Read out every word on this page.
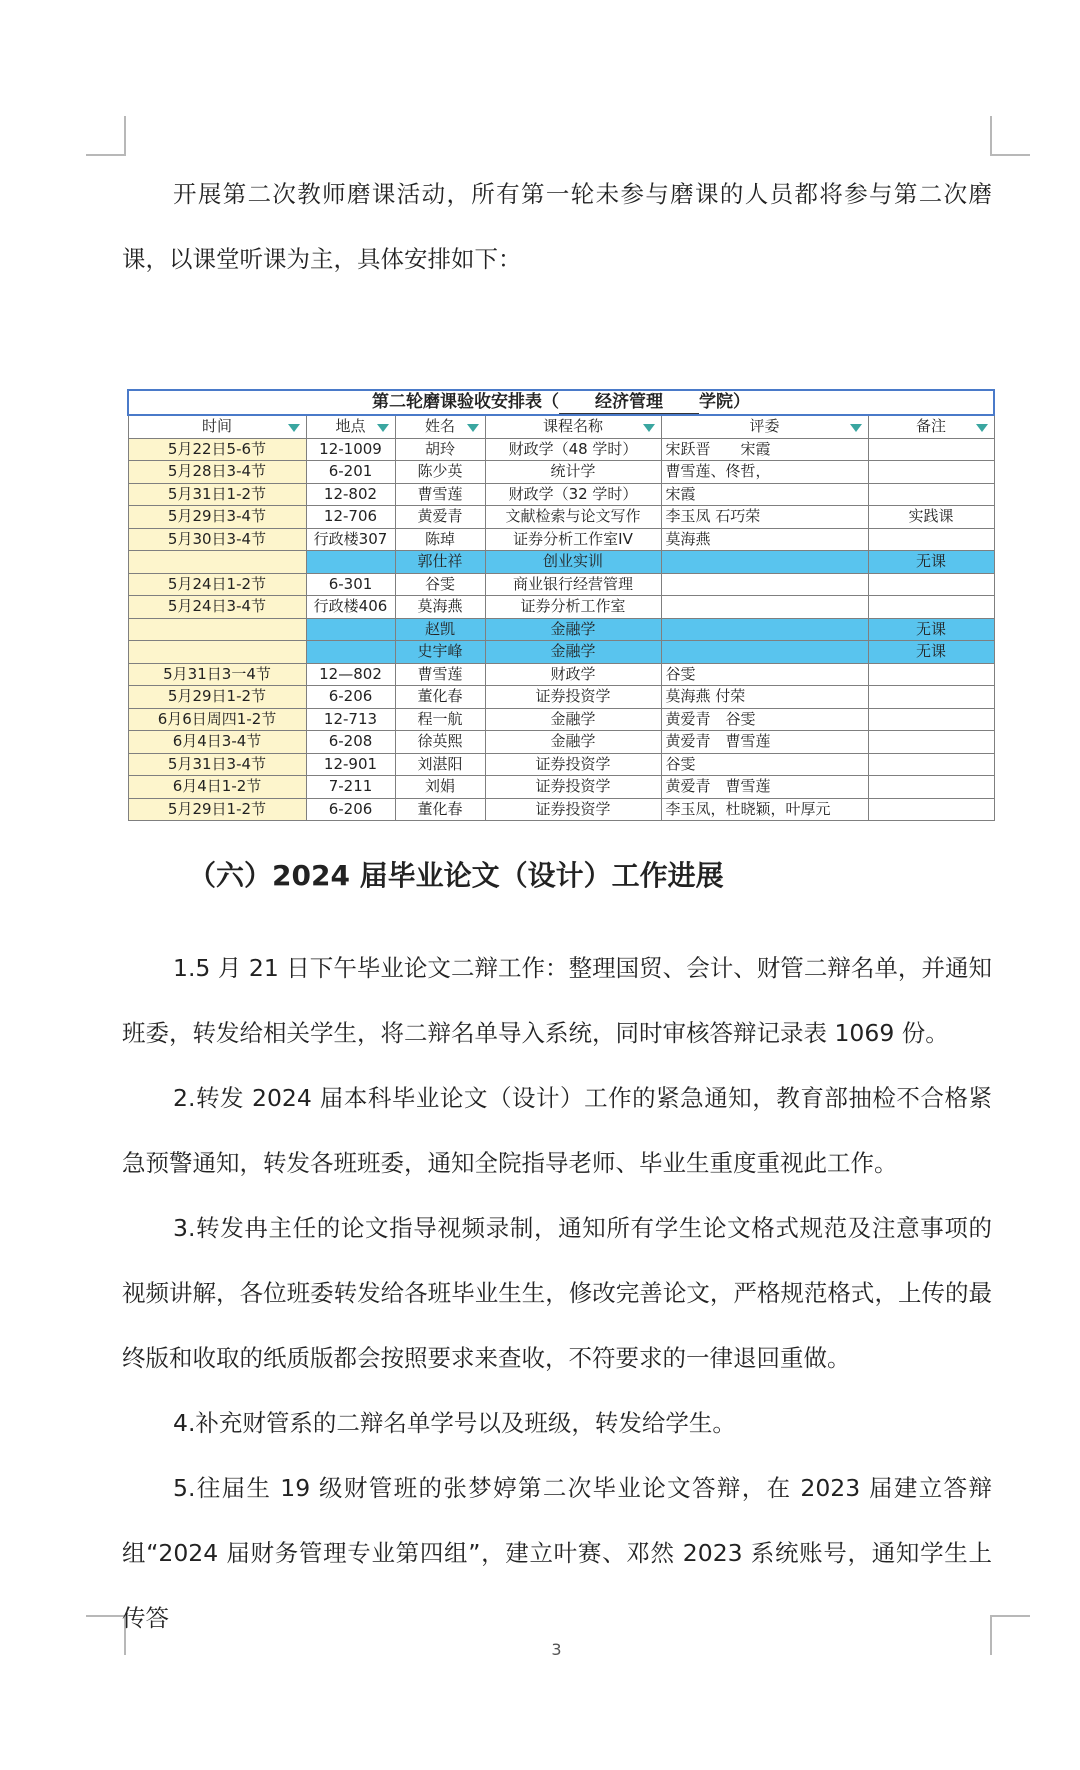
开展第二次教师磨课活动，所有第一轮未参与磨课的人员都将参与第二次磨课，以课堂听课为主，具体安排如下：

第二轮磨课验收安排表（ 经济管理 学院）					
时间	地点	姓名	课程名称	评委	备注

5月22日5-6节	12-1009	胡玲	财政学（48 学时）	宋跃晋　　宋霞	
5月28日3-4节	6-201	陈少英	统计学	曹雪莲、佟哲，	
5月31日1-2节	12-802	曹雪莲	财政学（32 学时）	宋霞	
5月29日3-4节	12-706	黄爱青	文献检索与论文写作	李玉凤 石巧荣	实践课
5月30日3-4节	行政楼307	陈琸	证券分析工作室IV	莫海燕	
		郭仕祥	创业实训		无课
5月24日1-2节	6-301	谷雯	商业银行经营管理		
5月24日3-4节	行政楼406	莫海燕	证券分析工作室		
		赵凯	金融学		无课
		史宇峰	金融学		无课
5月31日3一4节	12—802	曹雪莲	财政学	谷雯	
5月29日1-2节	6-206	董化春	证券投资学	莫海燕 付荣	
6月6日周四1-2节	12-713	程一航	金融学	黄爱青　谷雯	
6月4日3-4节	6-208	徐英熙	金融学	黄爱青　曹雪莲	
5月31日3-4节	12-901	刘湛阳	证券投资学	谷雯	
6月4日1-2节	7-211	刘娟	证券投资学	黄爱青　曹雪莲	
5月29日1-2节	6-206	董化春	证券投资学	李玉凤，杜晓颖，叶厚元	
（六）2024 届毕业论文（设计）工作进展

1.5 月 21 日下午毕业论文二辩工作：整理国贸、会计、财管二辩名单，并通知班委，转发给相关学生，将二辩名单导入系统，同时审核答辩记录表 1069 份。

2.转发 2024 届本科毕业论文（设计）工作的紧急通知，教育部抽检不合格紧急预警通知，转发各班班委，通知全院指导老师、毕业生重度重视此工作。

3.转发冉主任的论文指导视频录制，通知所有学生论文格式规范及注意事项的视频讲解，各位班委转发给各班毕业生生，修改完善论文，严格规范格式，上传的最终版和收取的纸质版都会按照要求来查收，不符要求的一律退回重做。

4.补充财管系的二辩名单学号以及班级，转发给学生。

5.往届生 19 级财管班的张梦婷第二次毕业论文答辩，在 2023 届建立答辩组“2024 届财务管理专业第四组”，建立叶赛、邓然 2023 系统账号，通知学生上传答

3
